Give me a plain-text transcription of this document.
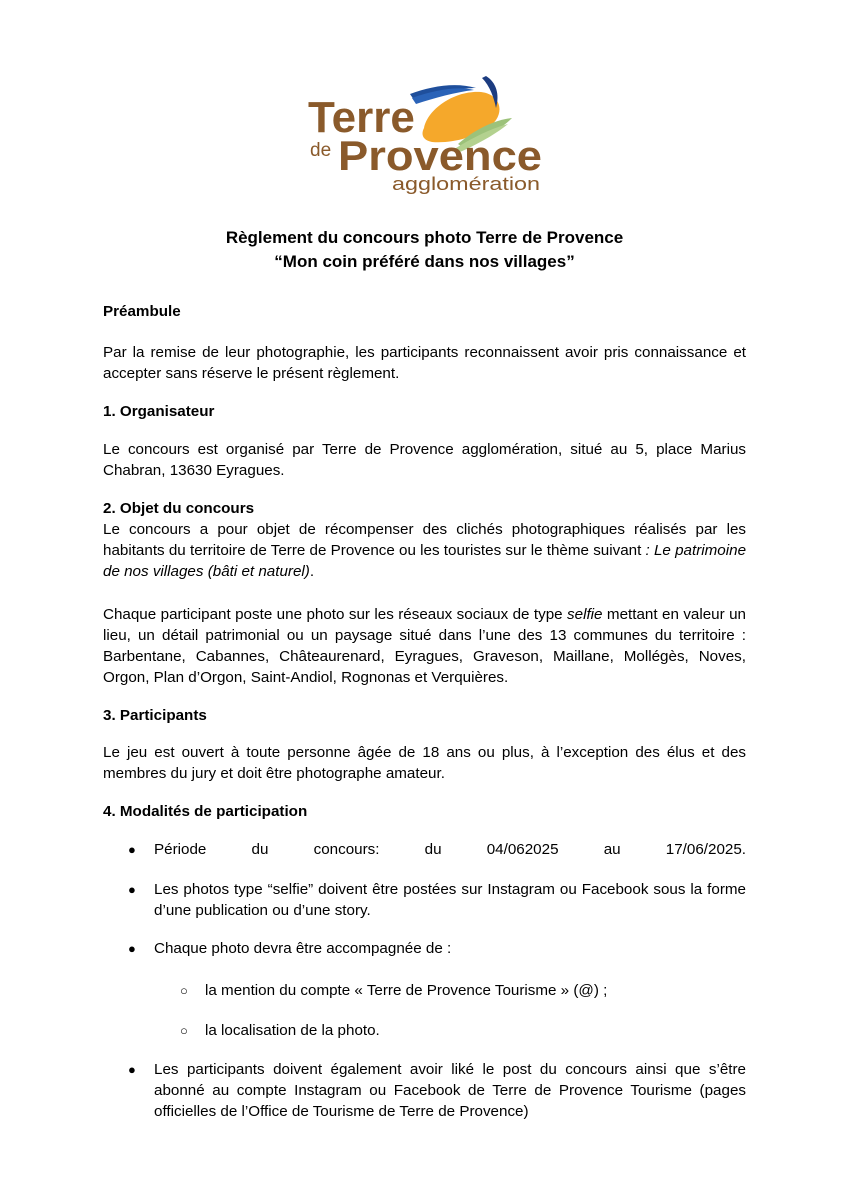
Terre
de Provence
agglomération
Règlement du concours photo Terre de Provence
“Mon coin préféré dans nos villages”
Préambule

Par la remise de leur photographie, les participants reconnaissent avoir pris connaissance et accepter sans réserve le présent règlement.

1. Organisateur

Le concours est organisé par Terre de Provence agglomération, situé au 5, place Marius Chabran, 13630 Eyragues.

2. Objet du concours

Le concours a pour objet de récompenser des clichés photographiques réalisés par les habitants du territoire de Terre de Provence ou les touristes sur le thème suivant : Le patrimoine de nos villages (bâti et naturel).

Chaque participant poste une photo sur les réseaux sociaux de type selfie mettant en valeur un lieu, un détail patrimonial ou un paysage situé dans l’une des 13 communes du territoire : Barbentane, Cabannes, Châteaurenard, Eyragues, Graveson, Maillane, Mollégès, Noves, Orgon, Plan d’Orgon, Saint-Andiol, Rognonas et Verquières.

3. Participants

Le jeu est ouvert à toute personne âgée de 18 ans ou plus, à l’exception des élus et des membres du jury et doit être photographe amateur.

4. Modalités de participation
● Période	du	concours:	du	04/062025	au	17/06/2025.
● Les photos type “selfie” doivent être postées sur Instagram ou Facebook sous la forme d’une publication ou d’une story.
● Chaque photo devra être accompagnée de :
○ la mention du compte « Terre de Provence Tourisme » (@) ;
○ la localisation de la photo.
● Les participants doivent également avoir liké le post du concours ainsi que s’être abonné au compte Instagram ou Facebook de Terre de Provence Tourisme (pages officielles de l’Office de Tourisme de Terre de Provence)
